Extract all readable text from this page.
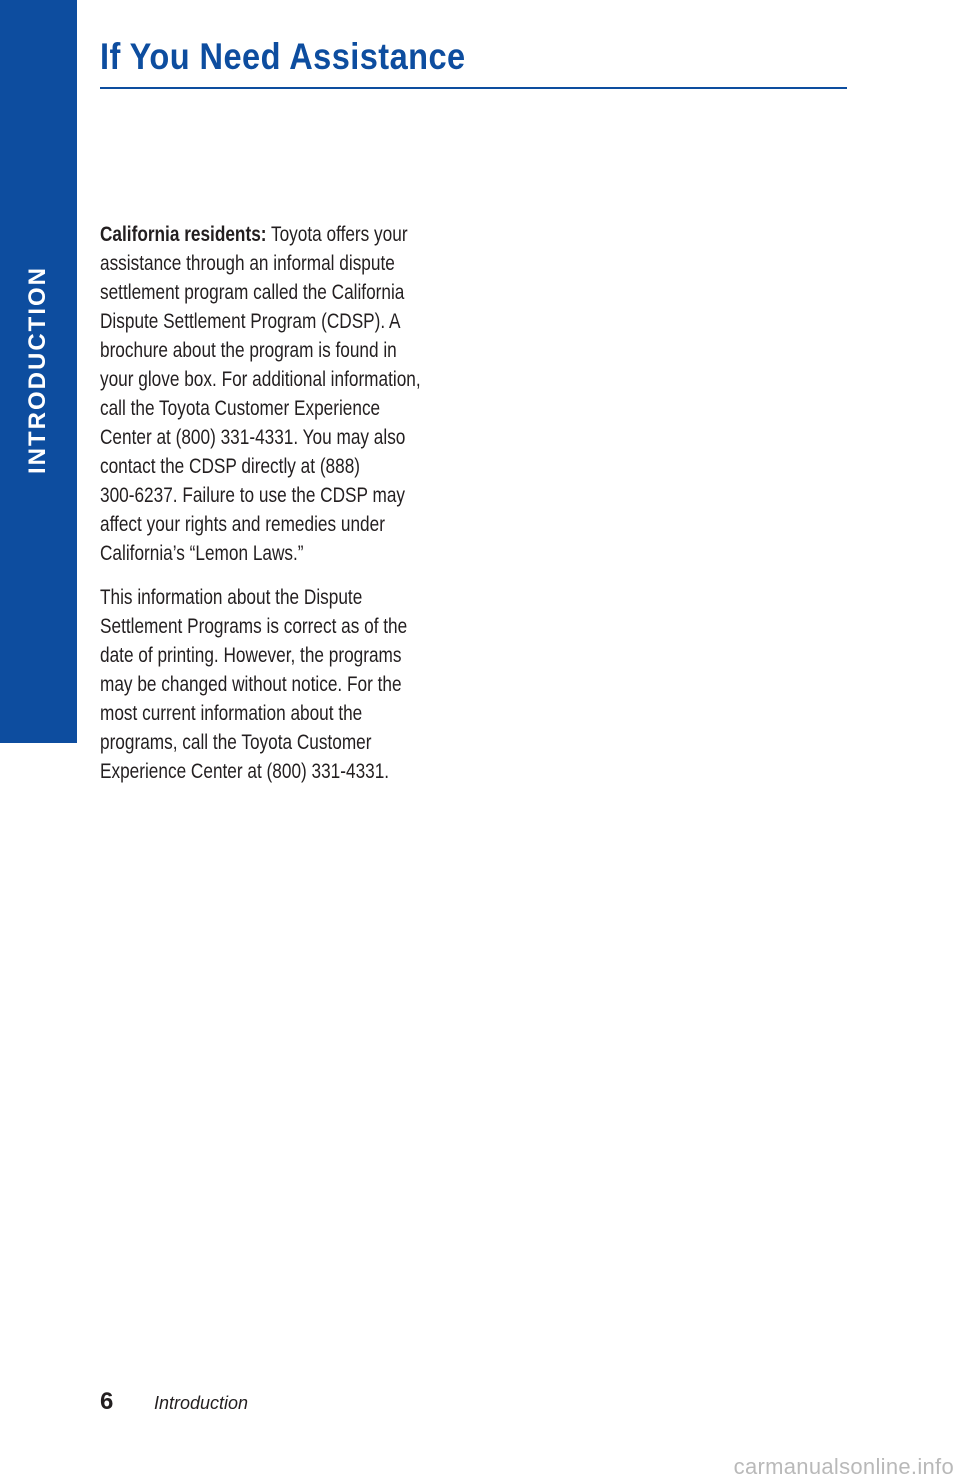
INTRODUCTION
If You Need Assistance

California residents: Toyota offers your
assistance through an informal dispute
settlement program called the California
Dispute Settlement Program (CDSP). A
brochure about the program is found in
your glove box. For additional information,
call the Toyota Customer Experience
Center at (800) 331-4331. You may also
contact the CDSP directly at (888)
300-6237. Failure to use the CDSP may
affect your rights and remedies under
California’s “Lemon Laws.”

This information about the Dispute
Settlement Programs is correct as of the
date of printing. However, the programs
may be changed without notice. For the
most current information about the
programs, call the Toyota Customer
Experience Center at (800) 331-4331.

6 Introduction
carmanualsonline.info
